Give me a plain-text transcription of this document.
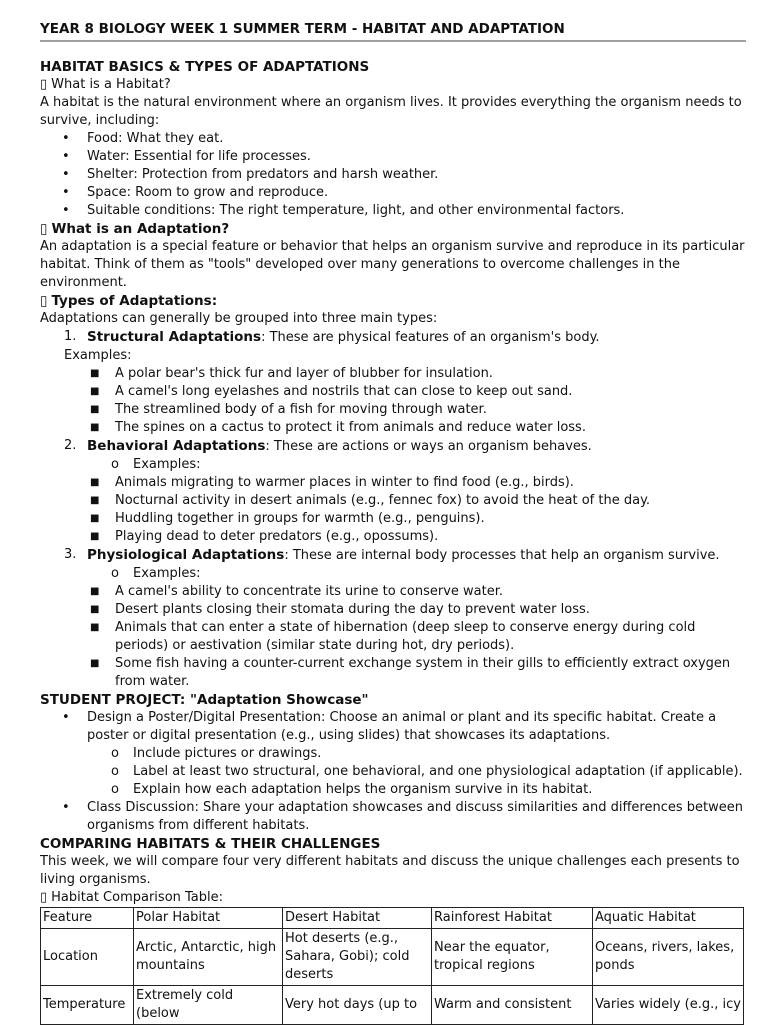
YEAR 8 BIOLOGY WEEK 1 SUMMER TERM - HABITAT AND ADAPTATION
HABITAT BASICS & TYPES OF ADAPTATIONS
▯ What is a Habitat?
A habitat is the natural environment where an organism lives. It provides everything the organism needs to survive, including:
• Food: What they eat.
• Water: Essential for life processes.
• Shelter: Protection from predators and harsh weather.
• Space: Room to grow and reproduce.
• Suitable conditions: The right temperature, light, and other environmental factors.
▯ What is an Adaptation?
An adaptation is a special feature or behavior that helps an organism survive and reproduce in its particular habitat. Think of them as "tools" developed over many generations to overcome challenges in the environment.
▯ Types of Adaptations:
Adaptations can generally be grouped into three main types:
1. Structural Adaptations: These are physical features of an organism's body.
Examples:
■ A polar bear's thick fur and layer of blubber for insulation.
■ A camel's long eyelashes and nostrils that can close to keep out sand.
■ The streamlined body of a fish for moving through water.
■ The spines on a cactus to protect it from animals and reduce water loss.
2. Behavioral Adaptations: These are actions or ways an organism behaves.
o Examples:
■ Animals migrating to warmer places in winter to find food (e.g., birds).
■ Nocturnal activity in desert animals (e.g., fennec fox) to avoid the heat of the day.
■ Huddling together in groups for warmth (e.g., penguins).
■ Playing dead to deter predators (e.g., opossums).
3. Physiological Adaptations: These are internal body processes that help an organism survive.
o Examples:
■ A camel's ability to concentrate its urine to conserve water.
■ Desert plants closing their stomata during the day to prevent water loss.
■ Animals that can enter a state of hibernation (deep sleep to conserve energy during cold periods) or aestivation (similar state during hot, dry periods).
■ Some fish having a counter-current exchange system in their gills to efficiently extract oxygen from water.
STUDENT PROJECT: "Adaptation Showcase"
• Design a Poster/Digital Presentation: Choose an animal or plant and its specific habitat. Create a poster or digital presentation (e.g., using slides) that showcases its adaptations.
o Include pictures or drawings.
o Label at least two structural, one behavioral, and one physiological adaptation (if applicable).
o Explain how each adaptation helps the organism survive in its habitat.
• Class Discussion: Share your adaptation showcases and discuss similarities and differences between organisms from different habitats.
COMPARING HABITATS & THEIR CHALLENGES
This week, we will compare four very different habitats and discuss the unique challenges each presents to living organisms.
▯ Habitat Comparison Table:
Feature	Polar Habitat	Desert Habitat	Rainforest Habitat	Aquatic Habitat
Location	Arctic, Antarctic, high mountains	Hot deserts (e.g., Sahara, Gobi); cold deserts	Near the equator, tropical regions	Oceans, rivers, lakes, ponds
Temperature	Extremely cold (below	Very hot days (up to	Warm and consistent	Varies widely (e.g., icy
